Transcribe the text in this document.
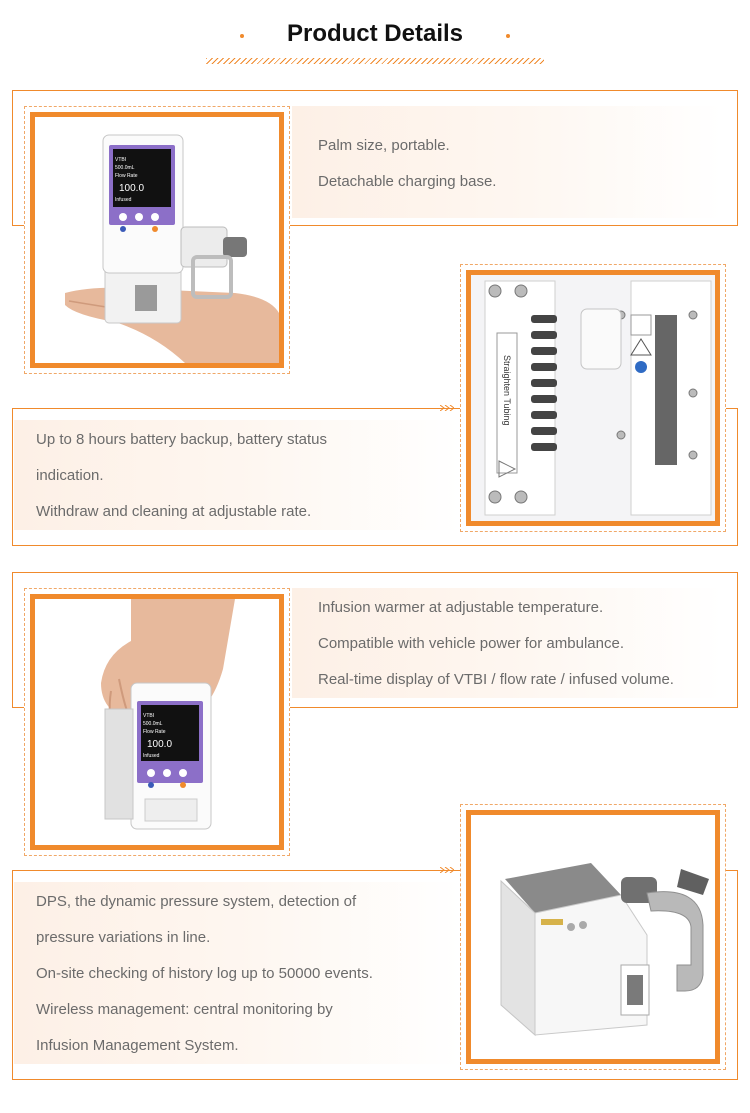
Product Details
Palm size, portable.
Detachable charging base.
VTBI
500.0mL
Flow Rate
100.0
Infused
Up to 8 hours battery backup, battery status
indication.
Withdraw and cleaning at adjustable rate.
Straighten Tubing
Infusion warmer at adjustable temperature.
Compatible with vehicle power for ambulance.
Real-time display of VTBI / flow rate / infused volume.
VTBI
500.0mL
Flow Rate
100.0
Infused
DPS, the dynamic pressure system, detection of
pressure variations in line.
On-site checking of history log up to 50000 events.
Wireless management: central monitoring by
Infusion Management System.
